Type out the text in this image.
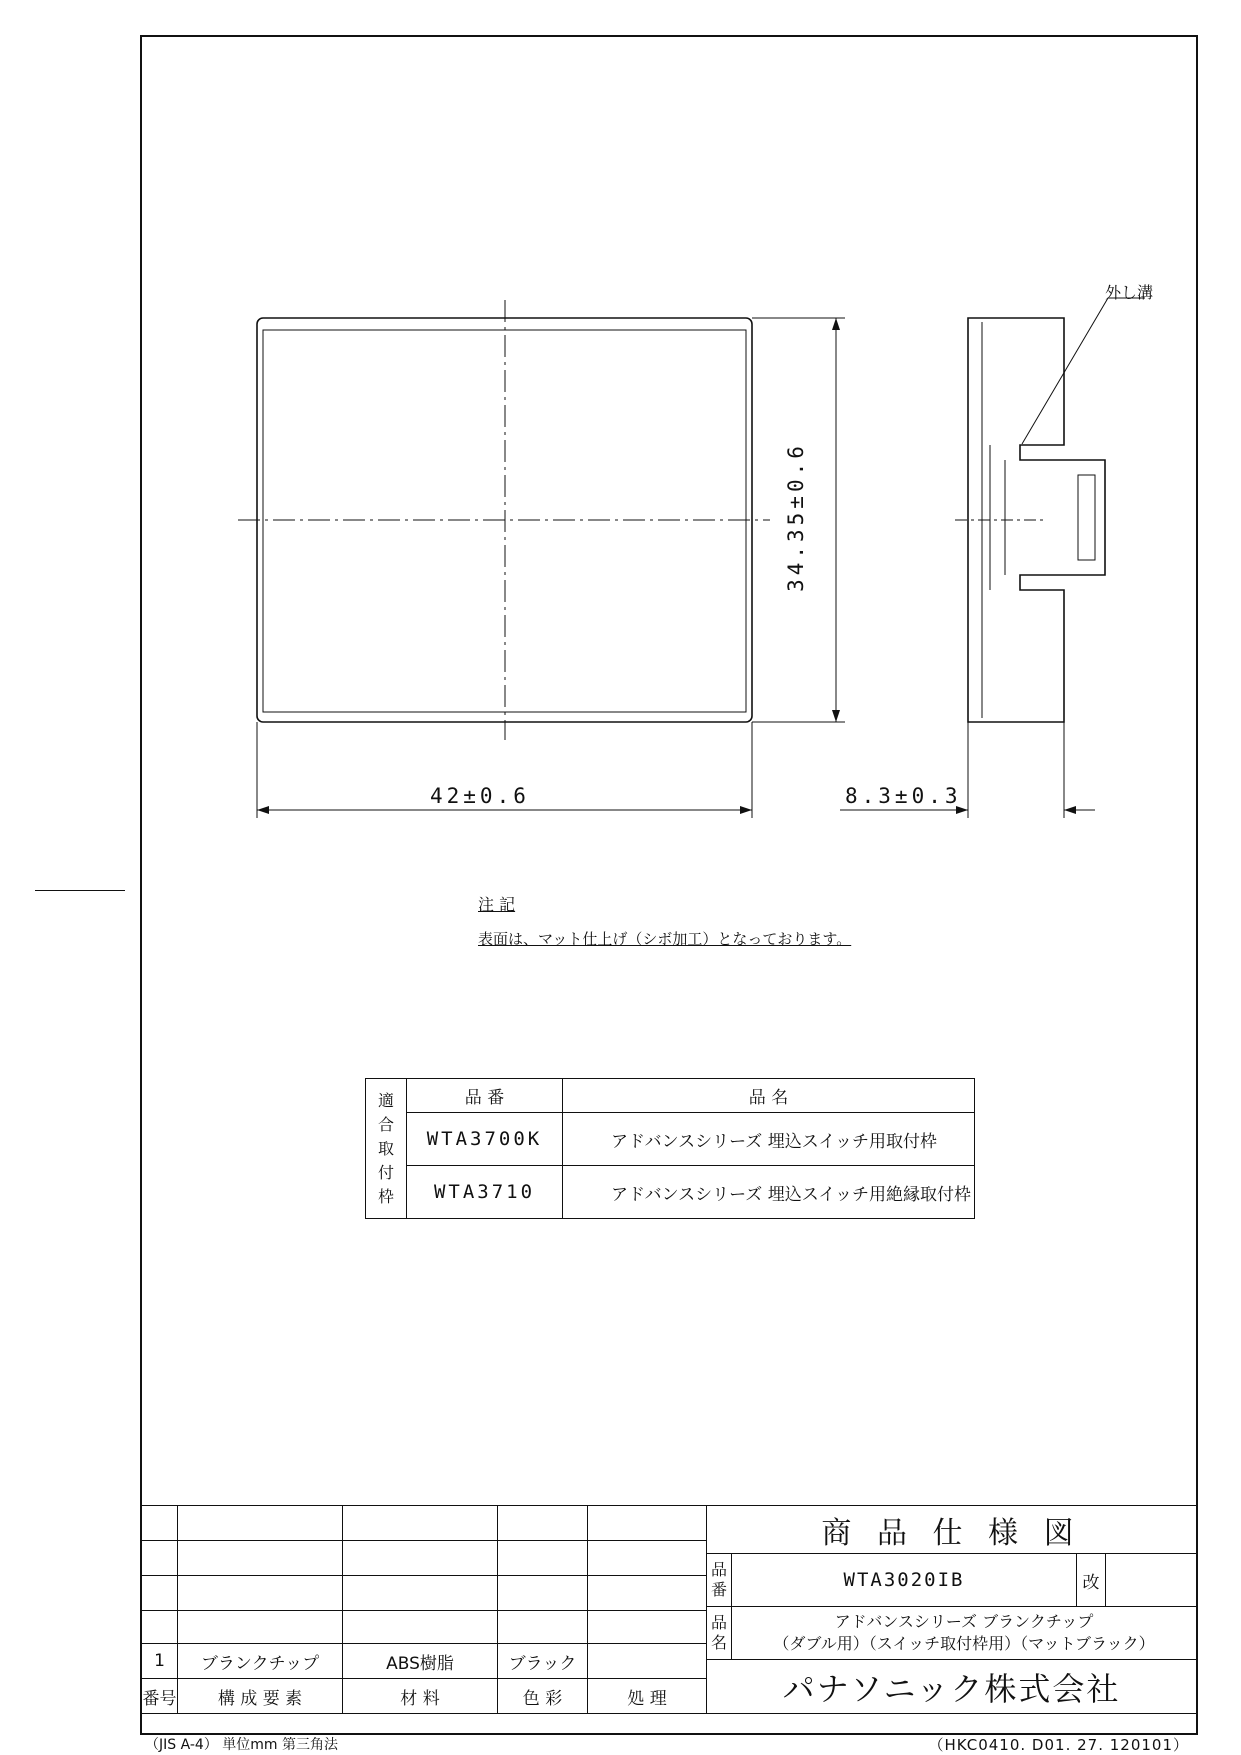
外し溝
34.35±0.6
42±0.6	8.3±0.3
注 記
表面は、マット仕上げ（シボ加工）となっております。
適合取付枠	品 番	品 名
	WTA3700K	アドバンスシリーズ 埋込スイッチ用取付枠
	WTA3710	アドバンスシリーズ 埋込スイッチ用絶縁取付枠

1	ブランクチップ	ABS樹脂	ブラック	
番号	構 成 要 素	材 料	色 彩	処 理
商 品 仕 様 図			
品番	WTA3020IB	改	
品名	アドバンスシリーズ ブランクチップ
（ダブル用）（スイッチ取付枠用）（マットブラック）		

パナソニック株式会社			
（JIS A-4） 単位mm 第三角法	（HKC0410. D01. 27. 120101）
